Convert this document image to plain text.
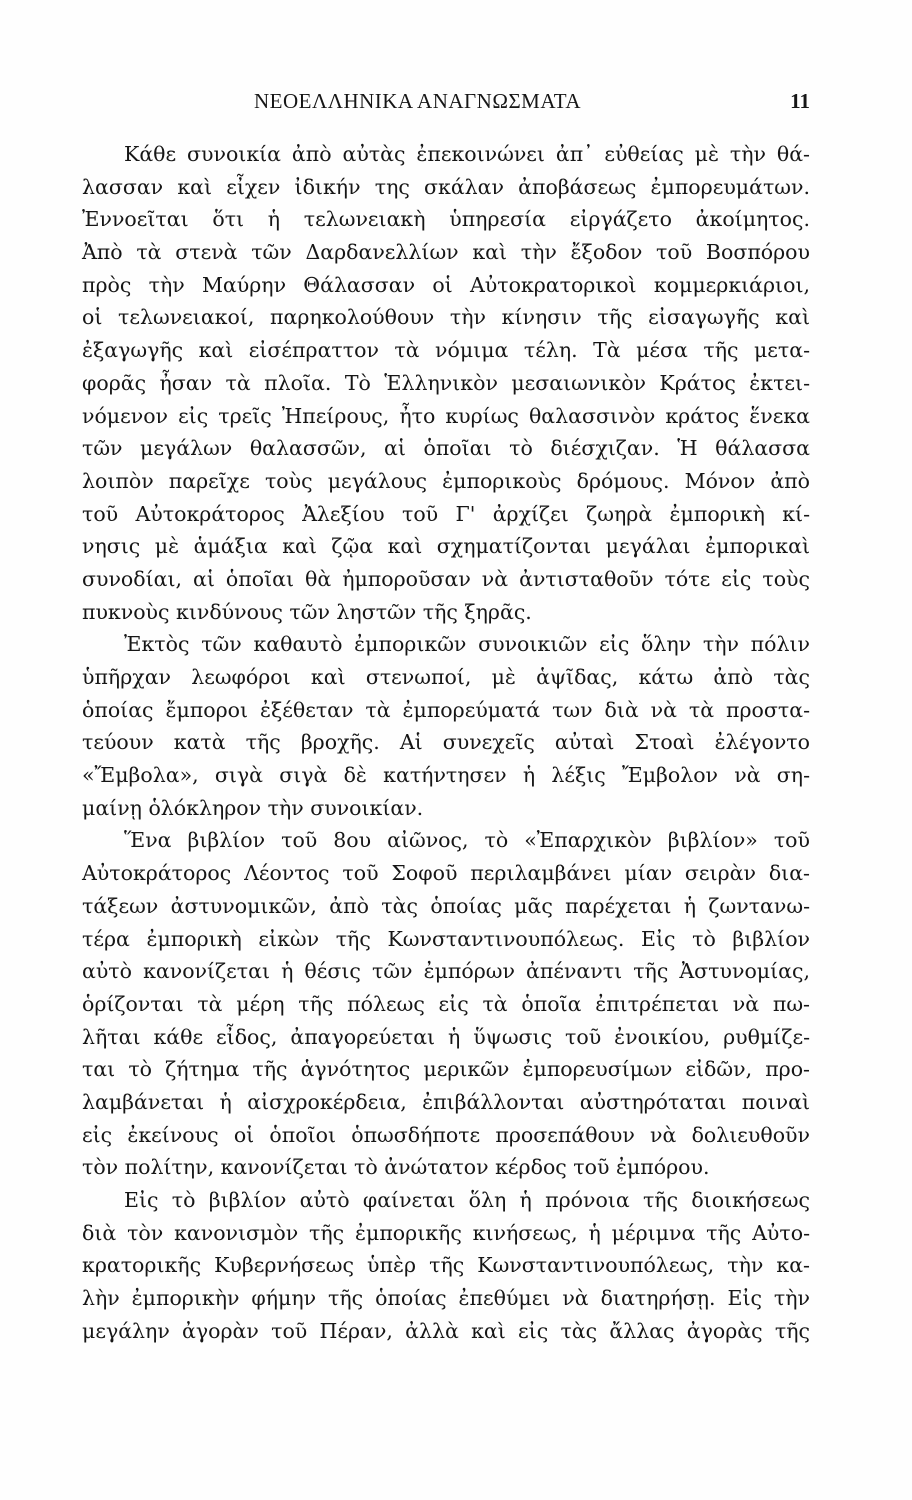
ΝΕΟΕΛΛΗΝΙΚΑ ΑΝΑΓΝΩΣΜΑΤΑ	11
Κάθε συνοικία ἀπὸ αὐτὰς ἐπεκοινώνει ἀπ᾽ εὐθείας μὲ τὴν θά-
λασσαν καὶ εἶχεν ἰδικήν της σκάλαν ἀποβάσεως ἐμπορευμάτων.
Ἐννοεῖται ὅτι ἡ τελωνειακὴ ὑπηρεσία εἰργάζετο ἀκοίμητος.
Ἀπὸ τὰ στενὰ τῶν Δαρδανελλίων καὶ τὴν ἔξοδον τοῦ Βοσπόρου
πρὸς τὴν Μαύρην Θάλασσαν οἱ Αὐτοκρατορικοὶ κομμερκιάριοι,
οἱ τελωνειακοί, παρηκολούθουν τὴν κίνησιν τῆς εἰσαγωγῆς καὶ
ἐξαγωγῆς καὶ εἰσέπραττον τὰ νόμιμα τέλη. Τὰ μέσα τῆς μετα-
φορᾶς ἦσαν τὰ πλοῖα. Τὸ Ἑλληνικὸν μεσαιωνικὸν Κράτος ἐκτει-
νόμενον εἰς τρεῖς Ἠπείρους, ἦτο κυρίως θαλασσινὸν κράτος ἕνεκα
τῶν μεγάλων θαλασσῶν, αἱ ὁποῖαι τὸ διέσχιζαν. Ἡ θάλασσα
λοιπὸν παρεῖχε τοὺς μεγάλους ἐμπορικοὺς δρόμους. Μόνον ἀπὸ
τοῦ Αὐτοκράτορος Ἀλεξίου τοῦ Γ' ἀρχίζει ζωηρὰ ἐμπορικὴ κί-
νησις μὲ ἁμάξια καὶ ζῷα καὶ σχηματίζονται μεγάλαι ἐμπορικαὶ
συνοδίαι, αἱ ὁποῖαι θὰ ἠμποροῦσαν νὰ ἀντισταθοῦν τότε εἰς τοὺς
πυκνοὺς κινδύνους τῶν ληστῶν τῆς ξηρᾶς.
Ἐκτὸς τῶν καθαυτὸ ἐμπορικῶν συνοικιῶν εἰς ὅλην τὴν πόλιν
ὑπῆρχαν λεωφόροι καὶ στενωποί, μὲ ἁψῖδας, κάτω ἀπὸ τὰς
ὁποίας ἔμποροι ἐξέθεταν τὰ ἐμπορεύματά των διὰ νὰ τὰ προστα-
τεύουν κατὰ τῆς βροχῆς. Αἱ συνεχεῖς αὐταὶ Στοαὶ ἐλέγοντο
«Ἔμβολα», σιγὰ σιγὰ δὲ κατήντησεν ἡ λέξις Ἔμβολον νὰ ση-
μαίνῃ ὁλόκληρον τὴν συνοικίαν.
Ἕνα βιβλίον τοῦ 8ου αἰῶνος, τὸ «Ἐπαρχικὸν βιβλίον» τοῦ
Αὐτοκράτορος Λέοντος τοῦ Σοφοῦ περιλαμβάνει μίαν σειρὰν δια-
τάξεων ἀστυνομικῶν, ἀπὸ τὰς ὁποίας μᾶς παρέχεται ἡ ζωντανω-
τέρα ἐμπορικὴ εἰκὼν τῆς Κωνσταντινουπόλεως. Εἰς τὸ βιβλίον
αὐτὸ κανονίζεται ἡ θέσις τῶν ἐμπόρων ἀπέναντι τῆς Ἀστυνομίας,
ὁρίζονται τὰ μέρη τῆς πόλεως εἰς τὰ ὁποῖα ἐπιτρέπεται νὰ πω-
λῆται κάθε εἶδος, ἀπαγορεύεται ἡ ὕψωσις τοῦ ἐνοικίου, ρυθμίζε-
ται τὸ ζήτημα τῆς ἁγνότητος μερικῶν ἐμπορευσίμων εἰδῶν, προ-
λαμβάνεται ἡ αἰσχροκέρδεια, ἐπιβάλλονται αὐστηρόταται ποιναὶ
εἰς ἐκείνους οἱ ὁποῖοι ὁπωσδήποτε προσεπάθουν νὰ δολιευθοῦν
τὸν πολίτην, κανονίζεται τὸ ἀνώτατον κέρδος τοῦ ἐμπόρου.
Εἰς τὸ βιβλίον αὐτὸ φαίνεται ὅλη ἡ πρόνοια τῆς διοικήσεως
διὰ τὸν κανονισμὸν τῆς ἐμπορικῆς κινήσεως, ἡ μέριμνα τῆς Αὐτο-
κρατορικῆς Κυβερνήσεως ὑπὲρ τῆς Κωνσταντινουπόλεως, τὴν κα-
λὴν ἐμπορικὴν φήμην τῆς ὁποίας ἐπεθύμει νὰ διατηρήσῃ. Εἰς τὴν
μεγάλην ἀγορὰν τοῦ Πέραν, ἀλλὰ καὶ εἰς τὰς ἄλλας ἀγορὰς τῆς
